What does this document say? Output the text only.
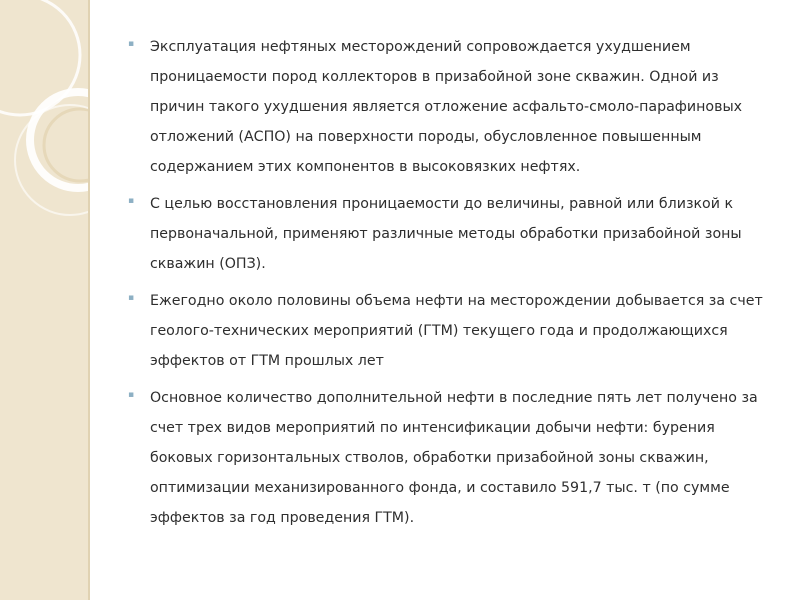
▪ Эксплуатация нефтяных месторождений сопровождается ухудшением проницаемости пород коллекторов в призабойной зоне скважин. Одной из причин такого ухудшения является отложение асфальто-смоло-парафиновых отложений (АСПО) на поверхности породы, обусловленное повышенным содержанием этих компонентов в высоковязких нефтях.
▪ С целью восстановления проницаемости до величины, равной или близкой к первоначальной, применяют различные методы обработки призабойной зоны скважин (ОПЗ).
▪ Ежегодно около половины объема нефти на месторождении добывается за счет геолого-технических мероприятий (ГТМ) текущего года и продолжающихся эффектов от ГТМ прошлых лет
▪ Основное количество дополнительной нефти в последние пять лет получено за счет трех видов мероприятий по интенсификации добычи нефти: бурения боковых горизонтальных стволов, обработки призабойной зоны скважин, оптимизации механизированного фонда, и составило 591,7 тыс. т (по сумме эффектов за год проведения ГТМ).
